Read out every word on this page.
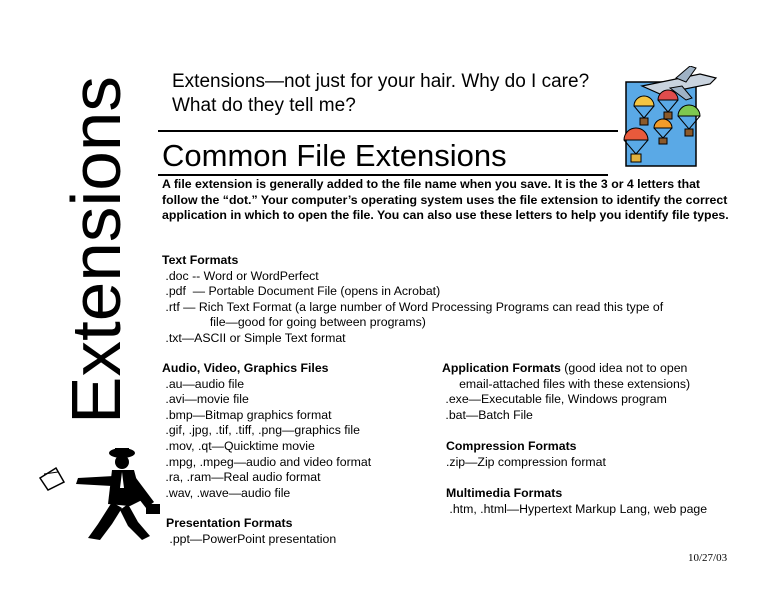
Extensions
Extensions—not just for your hair. Why do I care?
What do they tell me?
Common File Extensions
A file extension is generally added to the file name when you save. It is the 3 or 4 letters that follow the “dot.” Your computer’s operating system uses the file extension to identify the correct application in which to open the file. You can also use these letters to help you identify file types.
Text Formats
.doc -- Word or WordPerfect
.pdf  — Portable Document File (opens in Acrobat)
.rtf — Rich Text Format (a large number of Word Processing Programs can read this type of
file—good for going between programs)
.txt—ASCII or Simple Text format
Audio, Video, Graphics Files
.au—audio file
.avi—movie file
.bmp—Bitmap graphics format
.gif, .jpg, .tif, .tiff, .png—graphics file
.mov, .qt—Quicktime movie
.mpg, .mpeg—audio and video format
.ra, .ram—Real audio format
.wav, .wave—audio file
Presentation Formats
.ppt—PowerPoint presentation
Application Formats (good idea not to open
email-attached files with these extensions)
.exe—Executable file, Windows program
.bat—Batch File
Compression Formats
.zip—Zip compression format
Multimedia Formats
.htm, .html—Hypertext Markup Lang, web page
10/27/03
